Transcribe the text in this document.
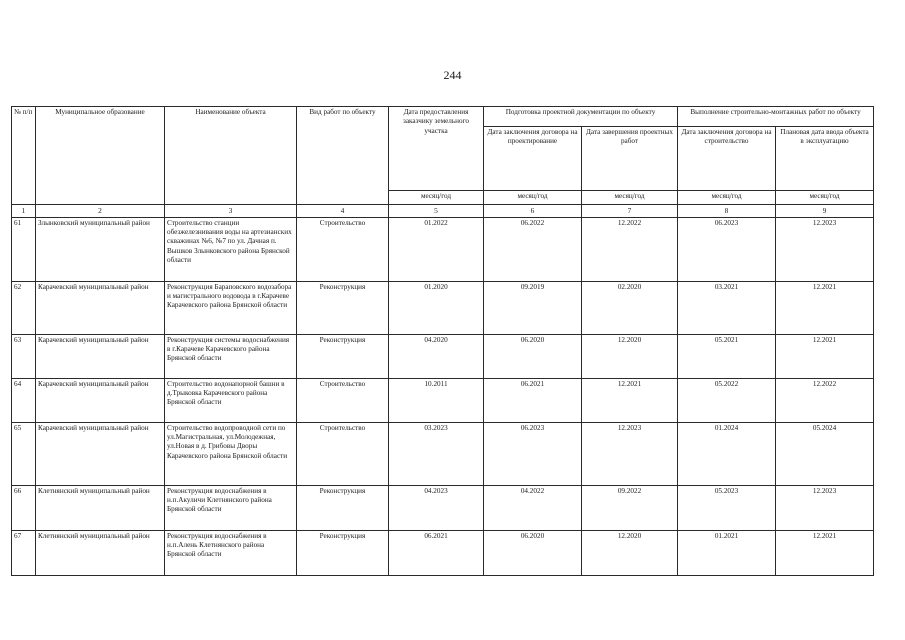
244
№ п/п	Муниципальное образование	Наименование объекта	Вид работ по объекту	Дата предоставления заказчику земельного участка	Подготовка проектной документации по объекту		Выполнение строительно-монтажных работ по объекту	
					Дата заключения договора на проектирование	Дата завершения проектных работ	Дата заключения договора на строительство	Плановая дата ввода объекта в эксплуатацию
				месяц/год	месяц/год	месяц/год	месяц/год	месяц/год
1	2	3	4	5	6	7	8	9
61	Злынковский муниципальный район	Строительство станции обезжелезнивания воды на артезианских скважинах №6, №7 по ул. Дачная п. Вышков Злынковского района Брянской области	Строительство	01.2022	06.2022	12.2022	06.2023	12.2023
62	Карачевский муниципальный район	Реконструкция Бараповского водозабора и магистрального водовода в г.Карачеве Карачевского района Брянской области	Реконструкция	01.2020	09.2019	02.2020	03.2021	12.2021
63	Карачевский муниципальный район	Реконструкция системы водоснабжения в г.Карачеве Карачевского района Брянской области	Реконструкция	04.2020	06.2020	12.2020	05.2021	12.2021
64	Карачевский муниципальный район	Строительство водонапорной башни в д.Трыковка Карачевского района Брянской области	Строительство	10.2011	06.2021	12.2021	05.2022	12.2022
65	Карачевский муниципальный район	Строительство водопроводной сети по ул.Магистральная, ул.Молодежная, ул.Новая в д. Грибовы Дворы Карачевского района Брянской области	Строительство	03.2023	06.2023	12.2023	01.2024	05.2024
66	Клетнянский муниципальный район	Реконструкция водоснабжения в н.п.Акуличи Клетнянского района Брянской области	Реконструкция	04.2023	04.2022	09.2022	05.2023	12.2023
67	Клетнянский муниципальный район	Реконструкция водоснабжения в н.п.Алень Клетнянского района Брянской области	Реконструкция	06.2021	06.2020	12.2020	01.2021	12.2021
